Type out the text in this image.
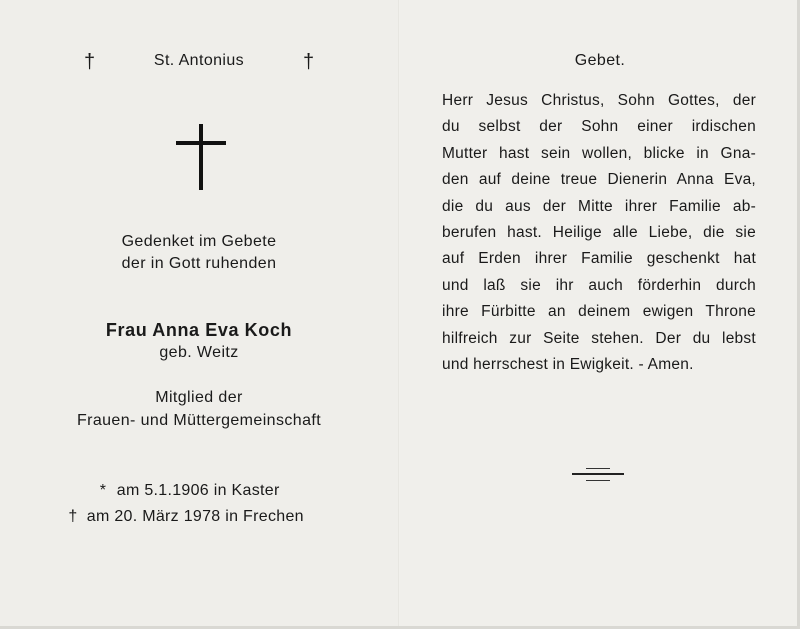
†	St. Antonius	†
Gedenket im Gebete
der in Gott ruhenden
Frau Anna Eva Koch
geb. Weitz
Mitglied der
Frauen- und Müttergemeinschaft
* am 5.1.1906 in Kaster
† am 20. März 1978 in Frechen
Gebet.
Herr Jesus Christus, Sohn Gottes, der
du selbst der Sohn einer irdischen
Mutter hast sein wollen, blicke in Gna-
den auf deine treue Dienerin Anna Eva,
die du aus der Mitte ihrer Familie ab-
berufen hast. Heilige alle Liebe, die sie
auf Erden ihrer Familie geschenkt hat
und laß sie ihr auch förderhin durch
ihre Fürbitte an deinem ewigen Throne
hilfreich zur Seite stehen. Der du lebst
und herrschest in Ewigkeit. - Amen.
